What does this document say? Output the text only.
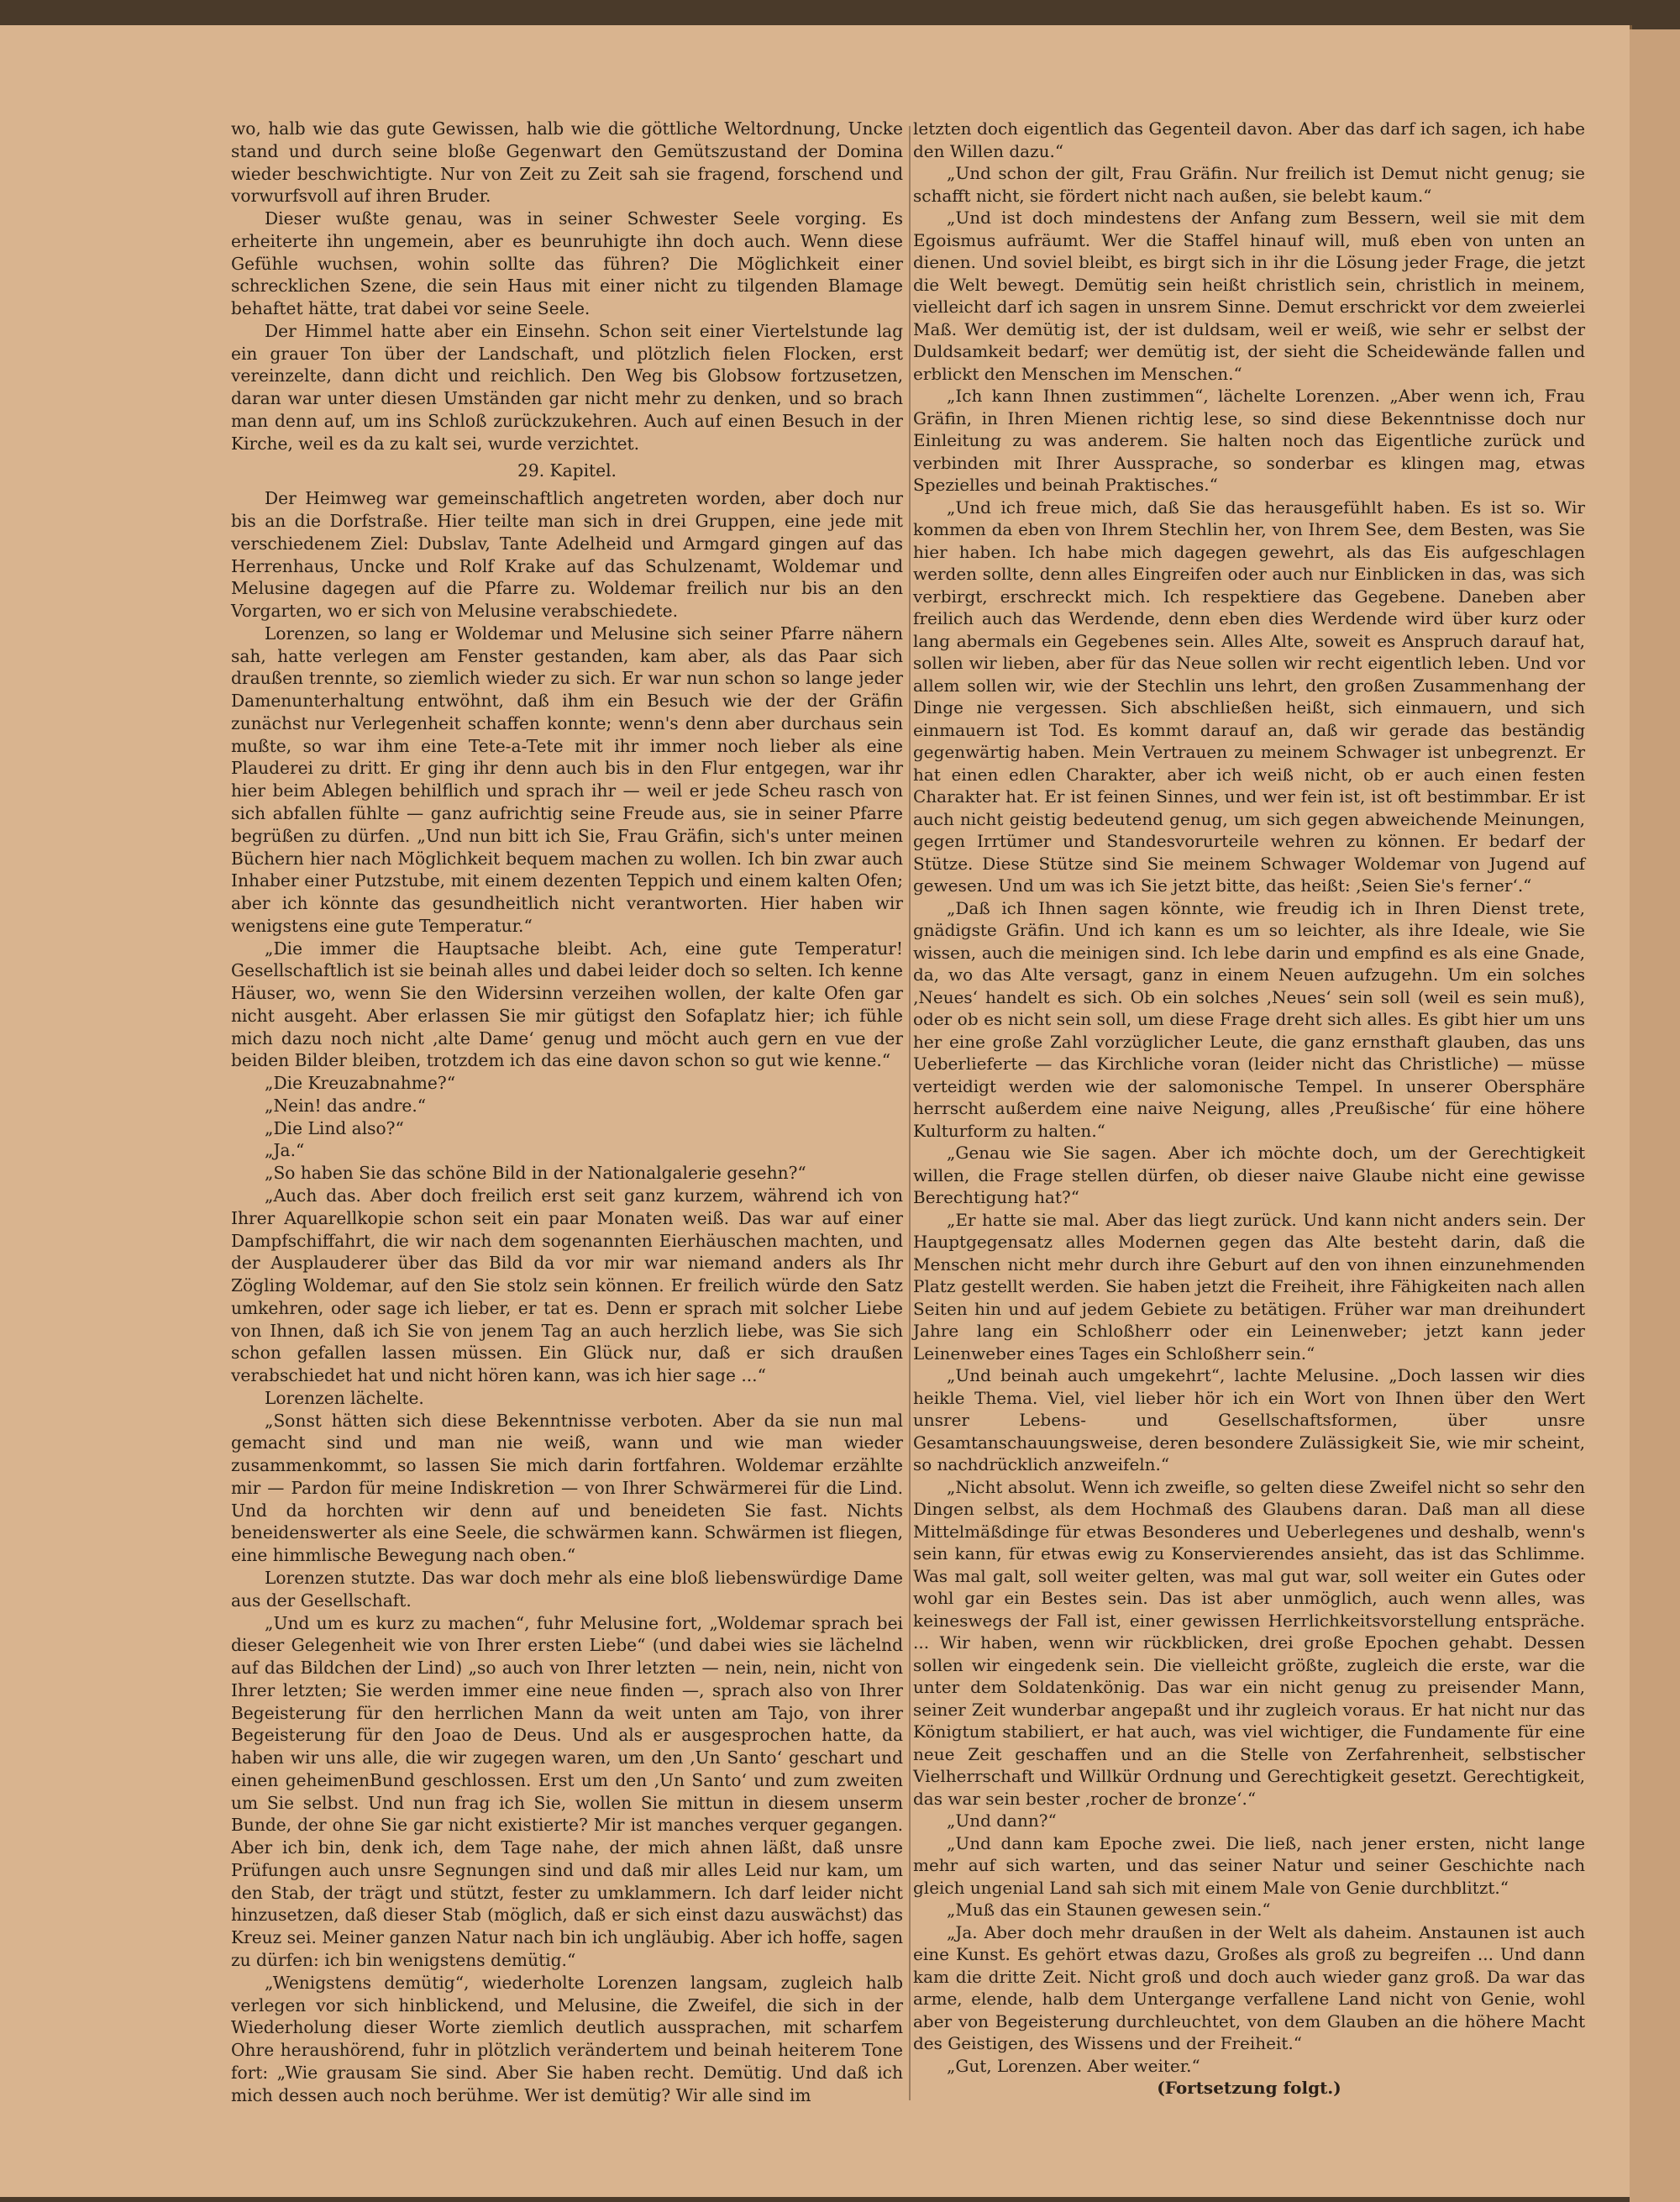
wo, halb wie das gute Gewissen, halb wie die göttliche Weltordnung, Uncke stand und durch seine bloße Gegenwart den Gemütszustand der Domina wieder beschwichtigte. Nur von Zeit zu Zeit sah sie fragend, forschend und vorwurfsvoll auf ihren Bruder.

Dieser wußte genau, was in seiner Schwester Seele vorging. Es erheiterte ihn ungemein, aber es beunruhigte ihn doch auch. Wenn diese Gefühle wuchsen, wohin sollte das führen? Die Möglichkeit einer schrecklichen Szene, die sein Haus mit einer nicht zu tilgenden Blamage behaftet hätte, trat dabei vor seine Seele.

Der Himmel hatte aber ein Einsehn. Schon seit einer Viertelstunde lag ein grauer Ton über der Landschaft, und plötzlich fielen Flocken, erst vereinzelte, dann dicht und reichlich. Den Weg bis Globsow fortzusetzen, daran war unter diesen Umständen gar nicht mehr zu denken, und so brach man denn auf, um ins Schloß zurückzukehren. Auch auf einen Besuch in der Kirche, weil es da zu kalt sei, wurde verzichtet.

29. Kapitel.

Der Heimweg war gemeinschaftlich angetreten worden, aber doch nur bis an die Dorfstraße. Hier teilte man sich in drei Gruppen, eine jede mit verschiedenem Ziel: Dubslav, Tante Adelheid und Armgard gingen auf das Herrenhaus, Uncke und Rolf Krake auf das Schulzenamt, Woldemar und Melusine dagegen auf die Pfarre zu. Woldemar freilich nur bis an den Vorgarten, wo er sich von Melusine verabschiedete.

Lorenzen, so lang er Woldemar und Melusine sich seiner Pfarre nähern sah, hatte verlegen am Fenster gestanden, kam aber, als das Paar sich draußen trennte, so ziemlich wieder zu sich. Er war nun schon so lange jeder Damenunterhaltung entwöhnt, daß ihm ein Besuch wie der der Gräfin zunächst nur Verlegenheit schaffen konnte; wenn's denn aber durchaus sein mußte, so war ihm eine Tete-a-Tete mit ihr immer noch lieber als eine Plauderei zu dritt. Er ging ihr denn auch bis in den Flur entgegen, war ihr hier beim Ablegen behilflich und sprach ihr — weil er jede Scheu rasch von sich abfallen fühlte — ganz aufrichtig seine Freude aus, sie in seiner Pfarre begrüßen zu dürfen. „Und nun bitt ich Sie, Frau Gräfin, sich's unter meinen Büchern hier nach Möglichkeit bequem machen zu wollen. Ich bin zwar auch Inhaber einer Putzstube, mit einem dezenten Teppich und einem kalten Ofen; aber ich könnte das gesundheitlich nicht verantworten. Hier haben wir wenigstens eine gute Temperatur.“

„Die immer die Hauptsache bleibt. Ach, eine gute Temperatur! Gesellschaftlich ist sie beinah alles und dabei leider doch so selten. Ich kenne Häuser, wo, wenn Sie den Widersinn verzeihen wollen, der kalte Ofen gar nicht ausgeht. Aber erlassen Sie mir gütigst den Sofaplatz hier; ich fühle mich dazu noch nicht ‚alte Dame‘ genug und möcht auch gern en vue der beiden Bilder bleiben, trotzdem ich das eine davon schon so gut wie kenne.“

„Die Kreuzabnahme?“

„Nein! das andre.“

„Die Lind also?“

„Ja.“

„So haben Sie das schöne Bild in der Nationalgalerie gesehn?“

„Auch das. Aber doch freilich erst seit ganz kurzem, während ich von Ihrer Aquarellkopie schon seit ein paar Monaten weiß. Das war auf einer Dampfschiffahrt, die wir nach dem sogenannten Eierhäuschen machten, und der Ausplauderer über das Bild da vor mir war niemand anders als Ihr Zögling Woldemar, auf den Sie stolz sein können. Er freilich würde den Satz umkehren, oder sage ich lieber, er tat es. Denn er sprach mit solcher Liebe von Ihnen, daß ich Sie von jenem Tag an auch herzlich liebe, was Sie sich schon gefallen lassen müssen. Ein Glück nur, daß er sich draußen verabschiedet hat und nicht hören kann, was ich hier sage ...“

Lorenzen lächelte.

„Sonst hätten sich diese Bekenntnisse verboten. Aber da sie nun mal gemacht sind und man nie weiß, wann und wie man wieder zusammenkommt, so lassen Sie mich darin fortfahren. Woldemar erzählte mir — Pardon für meine Indiskretion — von Ihrer Schwärmerei für die Lind. Und da horchten wir denn auf und beneideten Sie fast. Nichts beneidenswerter als eine Seele, die schwärmen kann. Schwärmen ist fliegen, eine himmlische Bewegung nach oben.“

Lorenzen stutzte. Das war doch mehr als eine bloß liebenswürdige Dame aus der Gesellschaft.

„Und um es kurz zu machen“, fuhr Melusine fort, „Woldemar sprach bei dieser Gelegenheit wie von Ihrer ersten Liebe“ (und dabei wies sie lächelnd auf das Bildchen der Lind) „so auch von Ihrer letzten — nein, nein, nicht von Ihrer letzten; Sie werden immer eine neue finden —, sprach also von Ihrer Begeisterung für den herrlichen Mann da weit unten am Tajo, von ihrer Begeisterung für den Joao de Deus. Und als er ausgesprochen hatte, da haben wir uns alle, die wir zugegen waren, um den ‚Un Santo‘ geschart und einen geheimenBund geschlossen. Erst um den ‚Un Santo‘ und zum zweiten um Sie selbst. Und nun frag ich Sie, wollen Sie mittun in diesem unserm Bunde, der ohne Sie gar nicht existierte? Mir ist manches verquer gegangen. Aber ich bin, denk ich, dem Tage nahe, der mich ahnen läßt, daß unsre Prüfungen auch unsre Segnungen sind und daß mir alles Leid nur kam, um den Stab, der trägt und stützt, fester zu umklammern. Ich darf leider nicht hinzusetzen, daß dieser Stab (möglich, daß er sich einst dazu auswächst) das Kreuz sei. Meiner ganzen Natur nach bin ich ungläubig. Aber ich hoffe, sagen zu dürfen: ich bin wenigstens demütig.“

„Wenigstens demütig“, wiederholte Lorenzen langsam, zugleich halb verlegen vor sich hinblickend, und Melusine, die Zweifel, die sich in der Wiederholung dieser Worte ziemlich deutlich aussprachen, mit scharfem Ohre heraushörend, fuhr in plötzlich verändertem und beinah heiterem Tone fort: „Wie grausam Sie sind. Aber Sie haben recht. Demütig. Und daß ich mich dessen auch noch berühme. Wer ist demütig? Wir alle sind im

letzten doch eigentlich das Gegenteil davon. Aber das darf ich sagen, ich habe den Willen dazu.“

„Und schon der gilt, Frau Gräfin. Nur freilich ist Demut nicht genug; sie schafft nicht, sie fördert nicht nach außen, sie belebt kaum.“

„Und ist doch mindestens der Anfang zum Bessern, weil sie mit dem Egoismus aufräumt. Wer die Staffel hinauf will, muß eben von unten an dienen. Und soviel bleibt, es birgt sich in ihr die Lösung jeder Frage, die jetzt die Welt bewegt. Demütig sein heißt christlich sein, christlich in meinem, vielleicht darf ich sagen in unsrem Sinne. Demut erschrickt vor dem zweierlei Maß. Wer demütig ist, der ist duldsam, weil er weiß, wie sehr er selbst der Duldsamkeit bedarf; wer demütig ist, der sieht die Scheidewände fallen und erblickt den Menschen im Menschen.“

„Ich kann Ihnen zustimmen“, lächelte Lorenzen. „Aber wenn ich, Frau Gräfin, in Ihren Mienen richtig lese, so sind diese Bekenntnisse doch nur Einleitung zu was anderem. Sie halten noch das Eigentliche zurück und verbinden mit Ihrer Aussprache, so sonderbar es klingen mag, etwas Spezielles und beinah Praktisches.“

„Und ich freue mich, daß Sie das herausgefühlt haben. Es ist so. Wir kommen da eben von Ihrem Stechlin her, von Ihrem See, dem Besten, was Sie hier haben. Ich habe mich dagegen gewehrt, als das Eis aufgeschlagen werden sollte, denn alles Eingreifen oder auch nur Einblicken in das, was sich verbirgt, erschreckt mich. Ich respektiere das Gegebene. Daneben aber freilich auch das Werdende, denn eben dies Werdende wird über kurz oder lang abermals ein Gegebenes sein. Alles Alte, soweit es Anspruch darauf hat, sollen wir lieben, aber für das Neue sollen wir recht eigentlich leben. Und vor allem sollen wir, wie der Stechlin uns lehrt, den großen Zusammenhang der Dinge nie vergessen. Sich abschließen heißt, sich einmauern, und sich einmauern ist Tod. Es kommt darauf an, daß wir gerade das beständig gegenwärtig haben. Mein Vertrauen zu meinem Schwager ist unbegrenzt. Er hat einen edlen Charakter, aber ich weiß nicht, ob er auch einen festen Charakter hat. Er ist feinen Sinnes, und wer fein ist, ist oft bestimmbar. Er ist auch nicht geistig bedeutend genug, um sich gegen abweichende Meinungen, gegen Irrtümer und Standesvorurteile wehren zu können. Er bedarf der Stütze. Diese Stütze sind Sie meinem Schwager Woldemar von Jugend auf gewesen. Und um was ich Sie jetzt bitte, das heißt: ‚Seien Sie's ferner‘.“

„Daß ich Ihnen sagen könnte, wie freudig ich in Ihren Dienst trete, gnädigste Gräfin. Und ich kann es um so leichter, als ihre Ideale, wie Sie wissen, auch die meinigen sind. Ich lebe darin und empfind es als eine Gnade, da, wo das Alte versagt, ganz in einem Neuen aufzugehn. Um ein solches ‚Neues‘ handelt es sich. Ob ein solches ‚Neues‘ sein soll (weil es sein muß), oder ob es nicht sein soll, um diese Frage dreht sich alles. Es gibt hier um uns her eine große Zahl vorzüglicher Leute, die ganz ernsthaft glauben, das uns Ueberlieferte — das Kirchliche voran (leider nicht das Christliche) — müsse verteidigt werden wie der salomonische Tempel. In unserer Obersphäre herrscht außerdem eine naive Neigung, alles ‚Preußische‘ für eine höhere Kulturform zu halten.“

„Genau wie Sie sagen. Aber ich möchte doch, um der Gerechtigkeit willen, die Frage stellen dürfen, ob dieser naive Glaube nicht eine gewisse Berechtigung hat?“

„Er hatte sie mal. Aber das liegt zurück. Und kann nicht anders sein. Der Hauptgegensatz alles Modernen gegen das Alte besteht darin, daß die Menschen nicht mehr durch ihre Geburt auf den von ihnen einzunehmenden Platz gestellt werden. Sie haben jetzt die Freiheit, ihre Fähigkeiten nach allen Seiten hin und auf jedem Gebiete zu betätigen. Früher war man dreihundert Jahre lang ein Schloßherr oder ein Leinenweber; jetzt kann jeder Leinenweber eines Tages ein Schloßherr sein.“

„Und beinah auch umgekehrt“, lachte Melusine. „Doch lassen wir dies heikle Thema. Viel, viel lieber hör ich ein Wort von Ihnen über den Wert unsrer Lebens- und Gesellschaftsformen, über unsre Gesamtanschauungsweise, deren besondere Zulässigkeit Sie, wie mir scheint, so nachdrücklich anzweifeln.“

„Nicht absolut. Wenn ich zweifle, so gelten diese Zweifel nicht so sehr den Dingen selbst, als dem Hochmaß des Glaubens daran. Daß man all diese Mittelmäßdinge für etwas Besonderes und Ueberlegenes und deshalb, wenn's sein kann, für etwas ewig zu Konservierendes ansieht, das ist das Schlimme. Was mal galt, soll weiter gelten, was mal gut war, soll weiter ein Gutes oder wohl gar ein Bestes sein. Das ist aber unmöglich, auch wenn alles, was keineswegs der Fall ist, einer gewissen Herrlichkeitsvorstellung entspräche. ... Wir haben, wenn wir rückblicken, drei große Epochen gehabt. Dessen sollen wir eingedenk sein. Die vielleicht größte, zugleich die erste, war die unter dem Soldatenkönig. Das war ein nicht genug zu preisender Mann, seiner Zeit wunderbar angepaßt und ihr zugleich voraus. Er hat nicht nur das Königtum stabiliert, er hat auch, was viel wichtiger, die Fundamente für eine neue Zeit geschaffen und an die Stelle von Zerfahrenheit, selbstischer Vielherrschaft und Willkür Ordnung und Gerechtigkeit gesetzt. Gerechtigkeit, das war sein bester ‚rocher de bronze‘.“

„Und dann?“

„Und dann kam Epoche zwei. Die ließ, nach jener ersten, nicht lange mehr auf sich warten, und das seiner Natur und seiner Geschichte nach gleich ungenial Land sah sich mit einem Male von Genie durchblitzt.“

„Muß das ein Staunen gewesen sein.“

„Ja. Aber doch mehr draußen in der Welt als daheim. Anstaunen ist auch eine Kunst. Es gehört etwas dazu, Großes als groß zu begreifen ... Und dann kam die dritte Zeit. Nicht groß und doch auch wieder ganz groß. Da war das arme, elende, halb dem Untergange verfallene Land nicht von Genie, wohl aber von Begeisterung durchleuchtet, von dem Glauben an die höhere Macht des Geistigen, des Wissens und der Freiheit.“

„Gut, Lorenzen. Aber weiter.“

(Fortsetzung folgt.)
